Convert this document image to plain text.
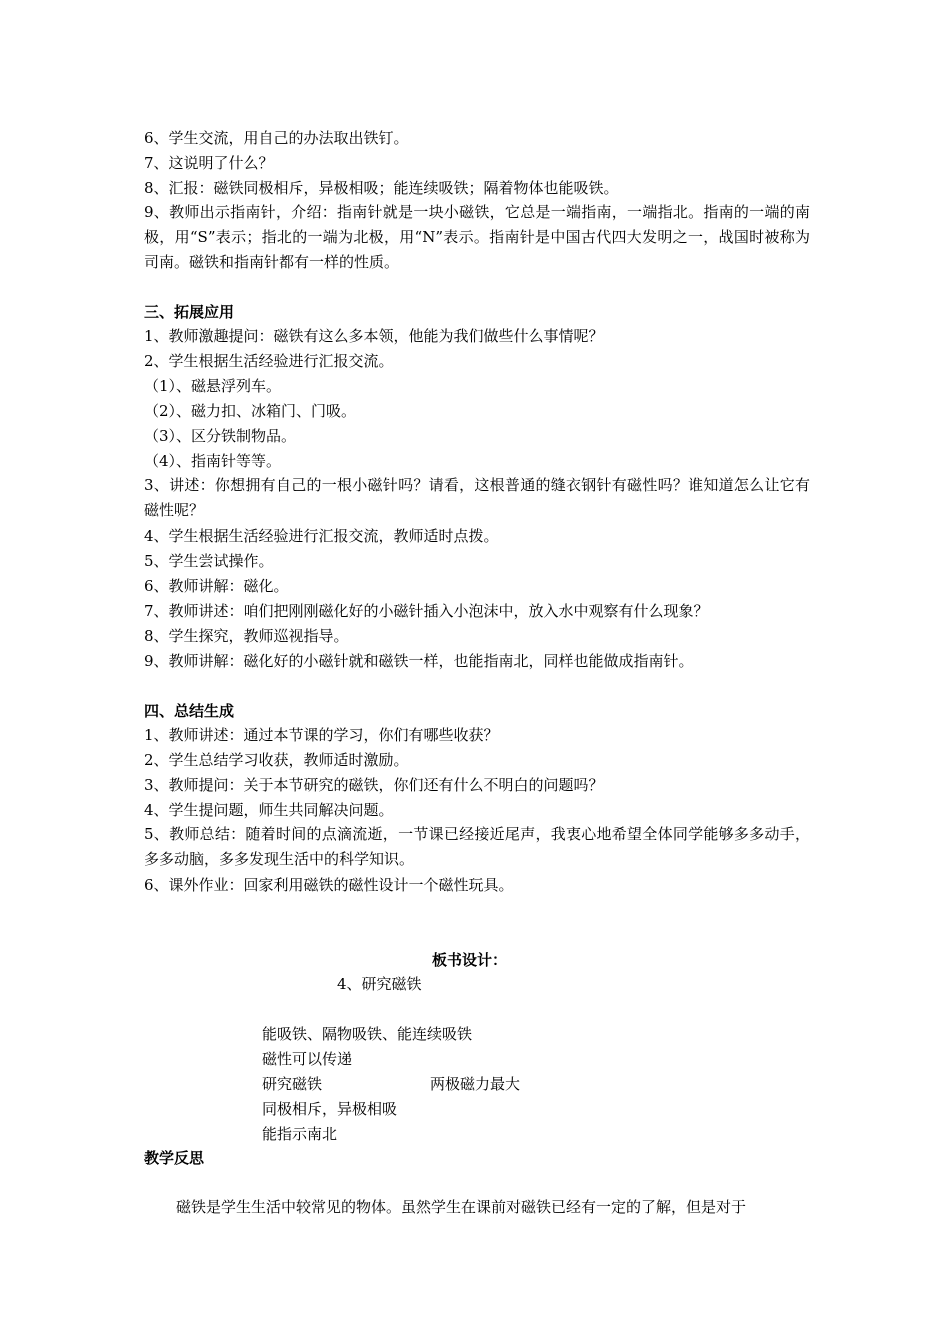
6、学生交流，用自己的办法取出铁钉。
7、这说明了什么？
8、汇报：磁铁同极相斥，异极相吸；能连续吸铁；隔着物体也能吸铁。
9、教师出示指南针，介绍：指南针就是一块小磁铁，它总是一端指南，一端指北。指南的一端的南极，用“S”表示；指北的一端为北极，用“N”表示。指南针是中国古代四大发明之一，战国时被称为司南。磁铁和指南针都有一样的性质。
三、拓展应用
1、教师激趣提问：磁铁有这么多本领，他能为我们做些什么事情呢？
2、学生根据生活经验进行汇报交流。
（1）、磁悬浮列车。
（2）、磁力扣、冰箱门、门吸。
（3）、区分铁制物品。
（4）、指南针等等。
3、讲述：你想拥有自己的一根小磁针吗？请看，这根普通的缝衣钢针有磁性吗？谁知道怎么让它有磁性呢？
4、学生根据生活经验进行汇报交流，教师适时点拨。
5、学生尝试操作。
6、教师讲解：磁化。
7、教师讲述：咱们把刚刚磁化好的小磁针插入小泡沫中，放入水中观察有什么现象？
8、学生探究，教师巡视指导。
9、教师讲解：磁化好的小磁针就和磁铁一样，也能指南北，同样也能做成指南针。
四、总结生成
1、教师讲述：通过本节课的学习，你们有哪些收获？
2、学生总结学习收获，教师适时激励。
3、教师提问：关于本节研究的磁铁，你们还有什么不明白的问题吗？
4、学生提问题，师生共同解决问题。
5、教师总结：随着时间的点滴流逝，一节课已经接近尾声，我衷心地希望全体同学能够多多动手，多多动脑，多多发现生活中的科学知识。
6、课外作业：回家利用磁铁的磁性设计一个磁性玩具。
板书设计：
4、研究磁铁
能吸铁、隔物吸铁、能连续吸铁
磁性可以传递
研究磁铁	两极磁力最大
同极相斥，异极相吸
能指示南北
教学反思
磁铁是学生生活中较常见的物体。虽然学生在课前对磁铁已经有一定的了解，但是对于
